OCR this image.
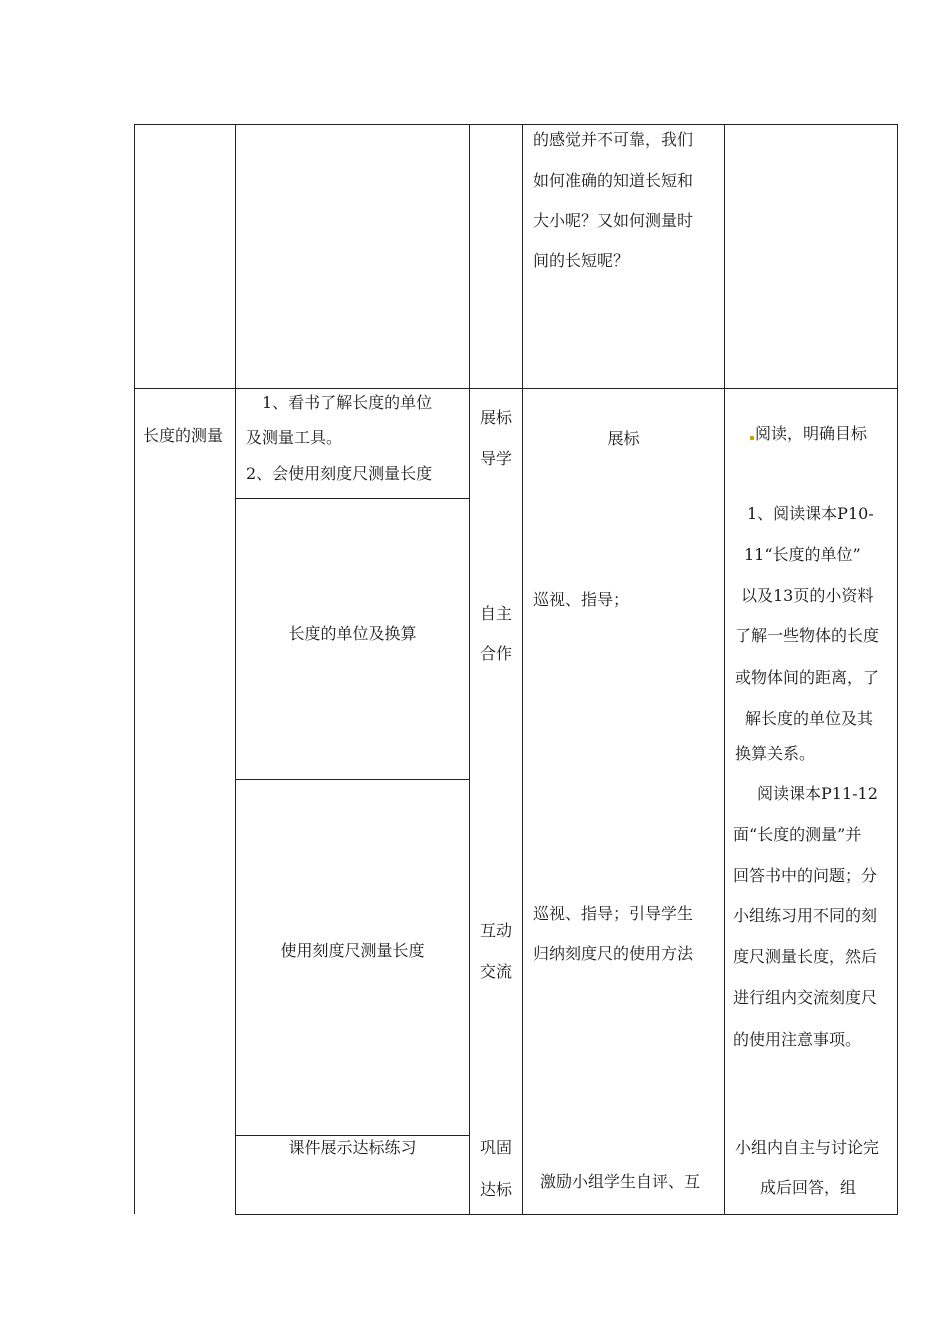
的感觉并不可靠，我们
如何准确的知道长短和
大小呢？又如何测量时
间的长短呢？
长度的测量
1、看书了解长度的单位
及测量工具。
2、会使用刻度尺测量长度
长度的单位及换算
使用刻度尺测量长度
课件展示达标练习
展标
导学
自主
合作
互动
交流
巩固
达标
展标
巡视、指导；
巡视、指导；引导学生
归纳刻度尺的使用方法
激励小组学生自评、互
阅读，明确目标
1、阅读课本P10-
11“长度的单位”
以及13页的小资料
了解一些物体的长度
或物体间的距离，了
解长度的单位及其
换算关系。
阅读课本P11-12
面“长度的测量”并
回答书中的问题；分
小组练习用不同的刻
度尺测量长度，然后
进行组内交流刻度尺
的使用注意事项。
小组内自主与讨论完
成后回答，组
